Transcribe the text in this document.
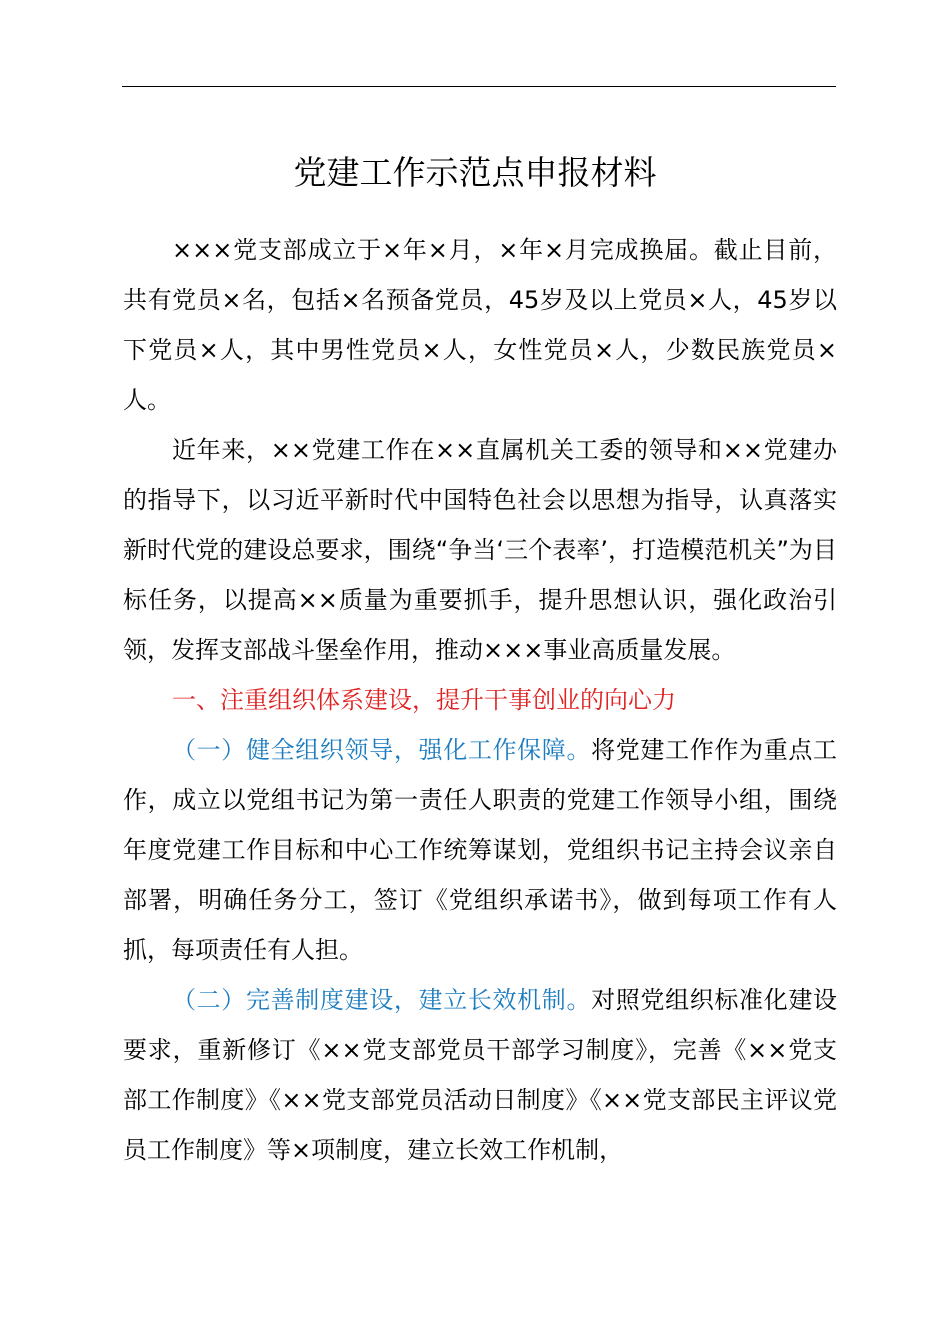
党建工作示范点申报材料

×××党支部成立于×年×月，×年×月完成换届。截止目前，共有党员×名，包括×名预备党员，45岁及以上党员×人，45岁以下党员×人，其中男性党员×人，女性党员×人，少数民族党员×人。

近年来，××党建工作在××直属机关工委的领导和××党建办的指导下，以习近平新时代中国特色社会以思想为指导，认真落实新时代党的建设总要求，围绕“争当‘三个表率’，打造模范机关”为目标任务，以提高××质量为重要抓手，提升思想认识，强化政治引领，发挥支部战斗堡垒作用，推动×××事业高质量发展。

一、注重组织体系建设，提升干事创业的向心力

（一）健全组织领导，强化工作保障。将党建工作作为重点工作，成立以党组书记为第一责任人职责的党建工作领导小组，围绕年度党建工作目标和中心工作统筹谋划，党组织书记主持会议亲自部署，明确任务分工，签订《党组织承诺书》，做到每项工作有人抓，每项责任有人担。

（二）完善制度建设，建立长效机制。对照党组织标准化建设要求，重新修订《××党支部党员干部学习制度》，完善《××党支部工作制度》《××党支部党员活动日制度》《××党支部民主评议党员工作制度》等×项制度，建立长效工作机制，
